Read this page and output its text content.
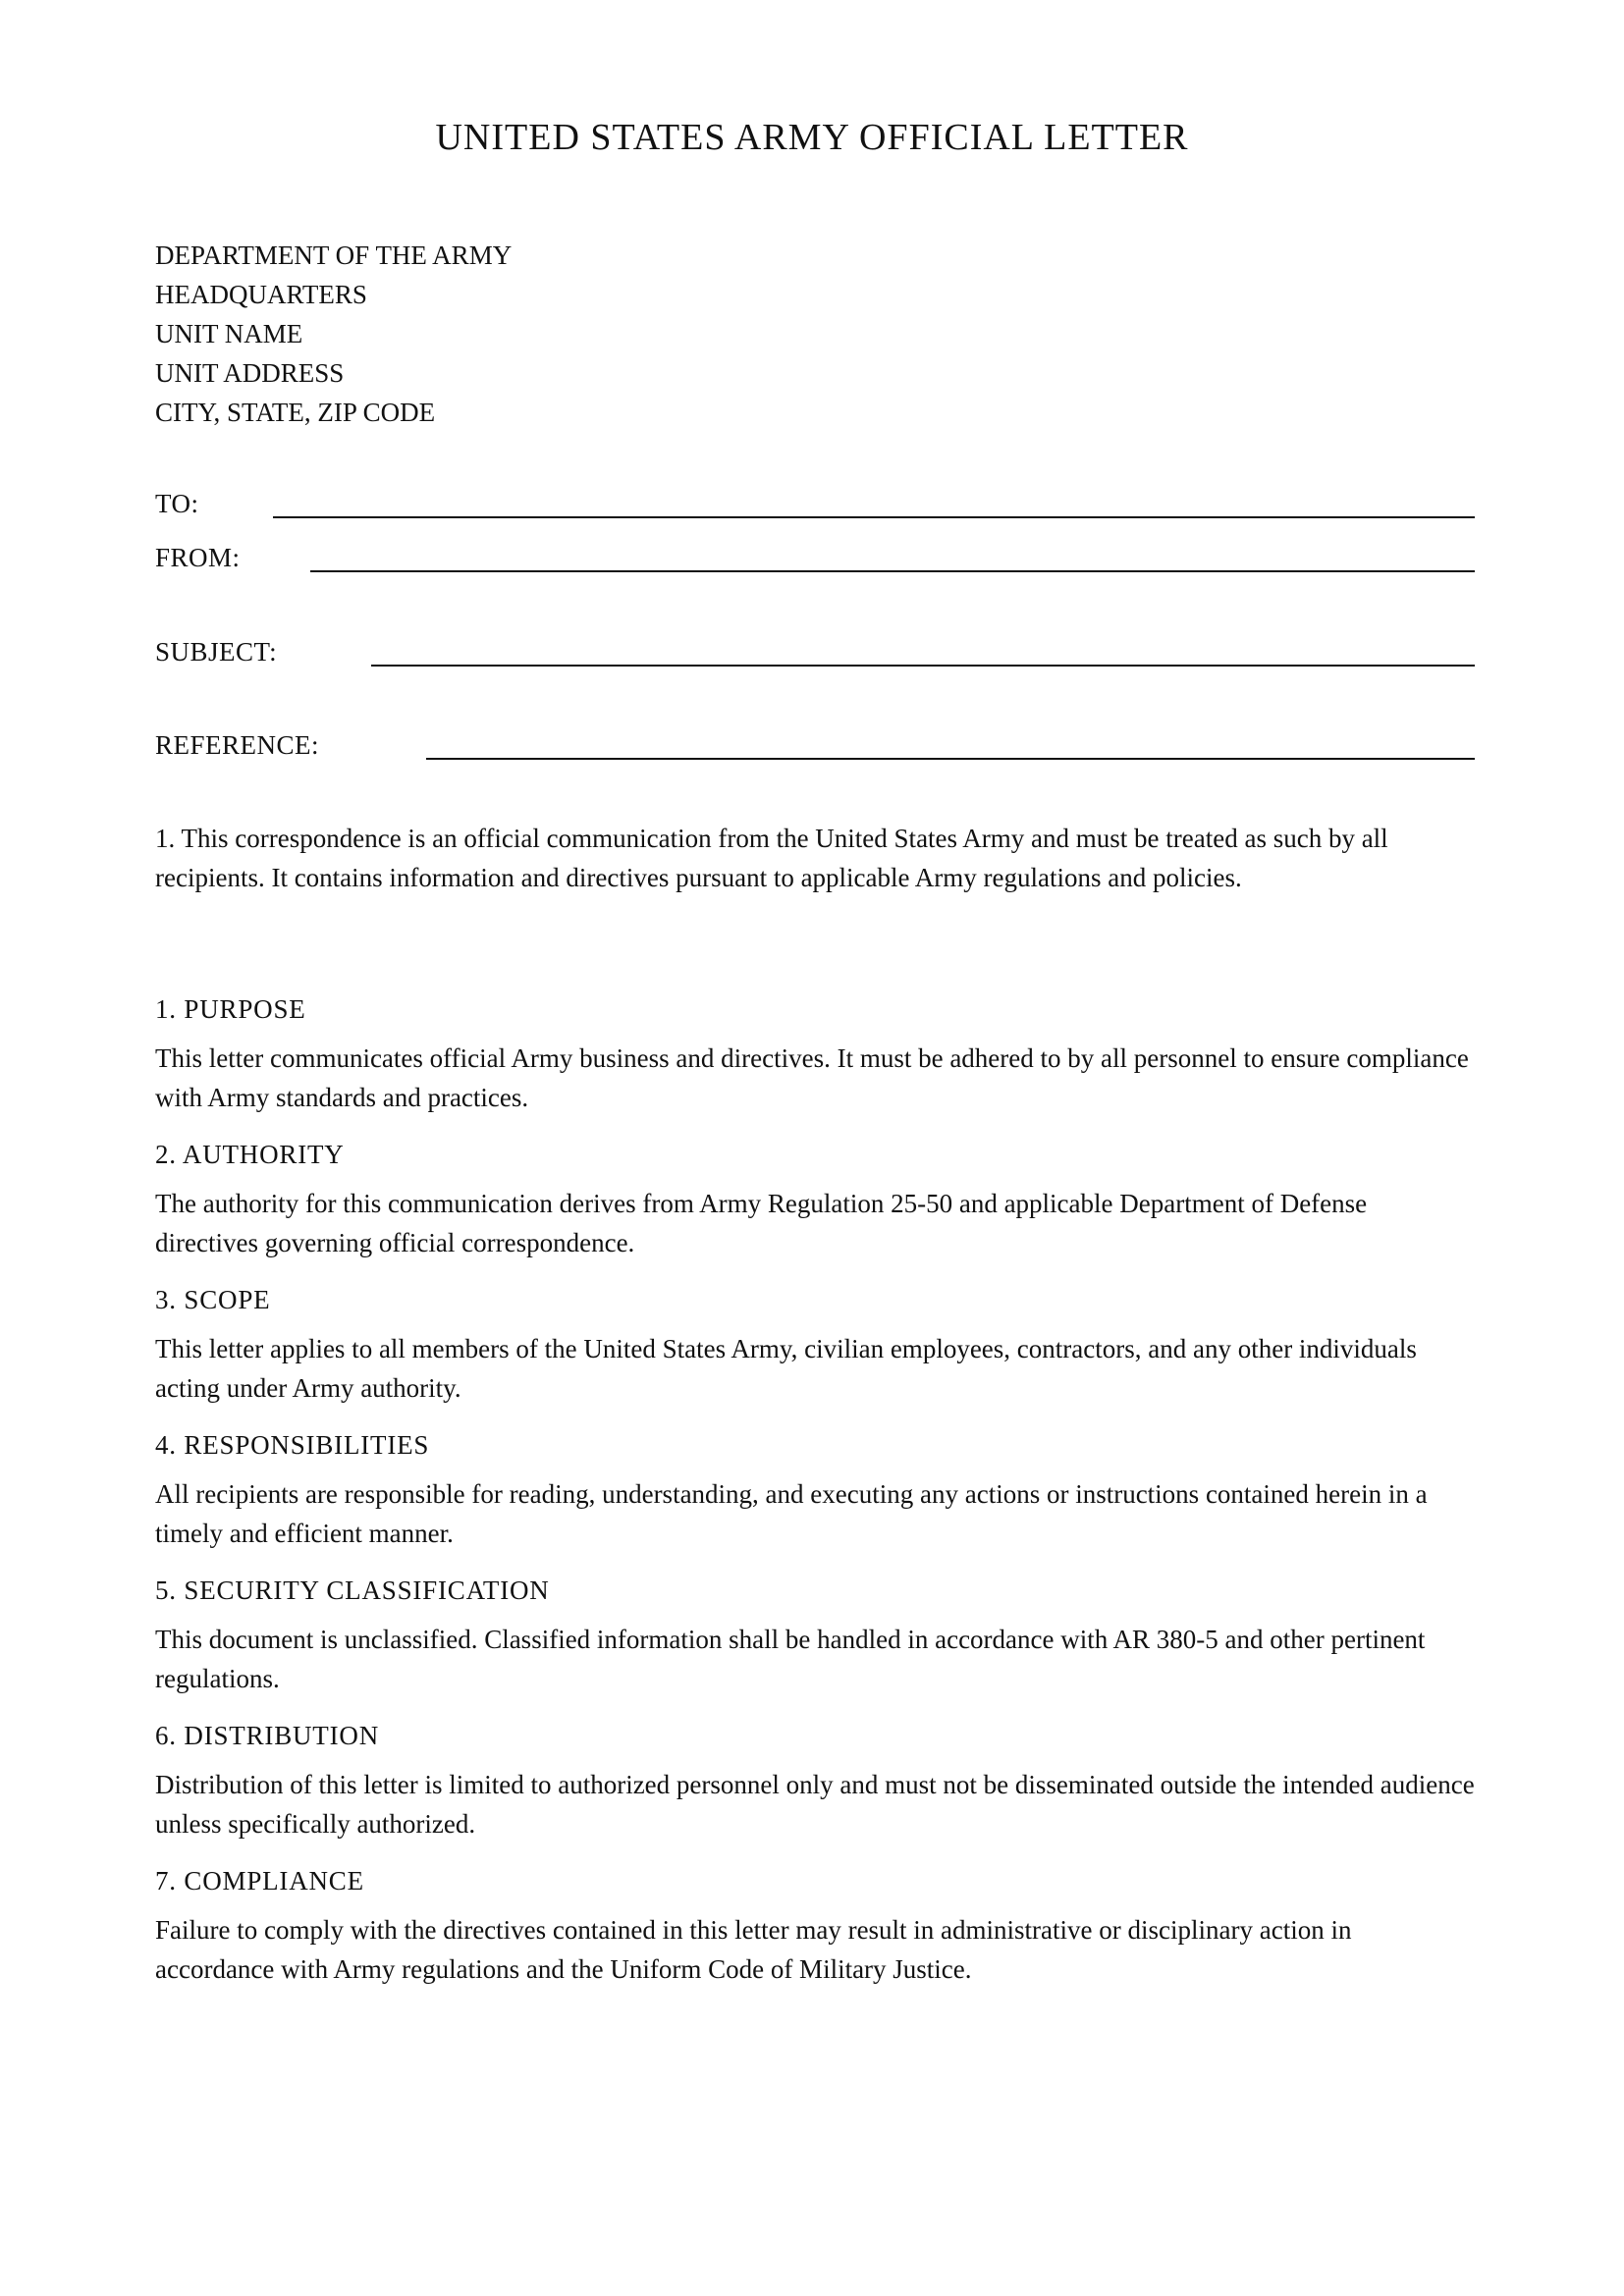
UNITED STATES ARMY OFFICIAL LETTER
DEPARTMENT OF THE ARMY
HEADQUARTERS
UNIT NAME
UNIT ADDRESS
CITY, STATE, ZIP CODE
TO:
FROM:
SUBJECT:
REFERENCE:

1. This correspondence is an official communication from the United States Army and must be treated as such by all recipients. It contains information and directives pursuant to applicable Army regulations and policies.

1. PURPOSE

This letter communicates official Army business and directives. It must be adhered to by all personnel to ensure compliance with Army standards and practices.

2. AUTHORITY

The authority for this communication derives from Army Regulation 25-50 and applicable Department of Defense directives governing official correspondence.

3. SCOPE

This letter applies to all members of the United States Army, civilian employees, contractors, and any other individuals acting under Army authority.

4. RESPONSIBILITIES

All recipients are responsible for reading, understanding, and executing any actions or instructions contained herein in a timely and efficient manner.

5. SECURITY CLASSIFICATION

This document is unclassified. Classified information shall be handled in accordance with AR 380-5 and other pertinent regulations.

6. DISTRIBUTION

Distribution of this letter is limited to authorized personnel only and must not be disseminated outside the intended audience unless specifically authorized.

7. COMPLIANCE

Failure to comply with the directives contained in this letter may result in administrative or disciplinary action in accordance with Army regulations and the Uniform Code of Military Justice.
